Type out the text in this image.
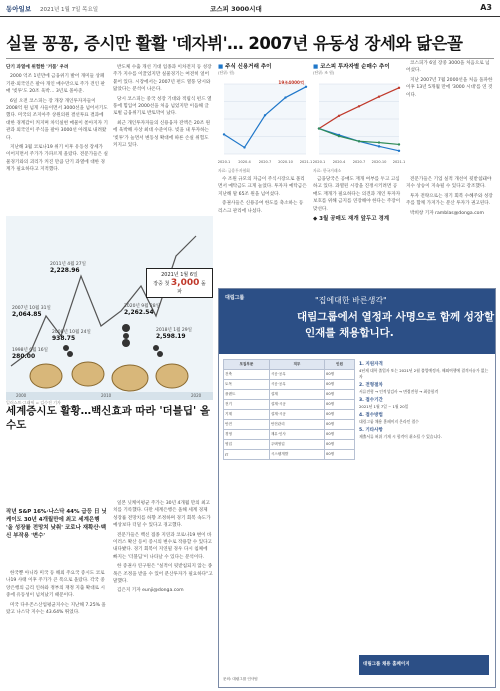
동아일보 2021년 1월 7일 목요일	코스피 3000시대	A3
실물 꽁꽁, 증시만 활활 '데자뷔'… 2007년 유동성 장세와 닮은꼴
단기 과열에 위험한 '거품' 우려

2000 억조 1년만에 금융위기 발어 개미들 상폐 기관·외국인은 팔아 개인 매수만으로 주가 견인 판매 '빚투'도 20조 육박… 3년로 몰아준.

6일 오전 코스피는 장 개장 개인투자자들이 2008억 원 넘게 사들이면서 3000선을 넘어서기도 했다. 미국의 조지아주 상원의원 결선투표 결과에 대한 경계감이 커지며 차익실현 매물이 쏟아지자 기관과 외국인이 주식을 팔아 3000선 아래로 내려왔다.

지난해 3월 코로나19 위기 이후 유동성 장세가 이어지면서 주가가 가파르게 올랐다. 전문가들은 실물경기와의 괴리가 커진 만큼 단기 과열에 대한 경계가 필요하다고 지적했다.

반도체 수출 개선 기대 업종과 이차전지 등 성장주가 지수를 이끌었지만 실물경기는 여전히 얼어붙어 있다. 시장에서는 2007년 펀드 열풍 당시와 닮았다는 분석이 나온다.

당시 코스피는 중국 성장 기대와 적립식 펀드 열풍에 힘입어 2000선을 처음 넘었지만 이듬해 글로벌 금융위기로 반토막이 났다.

최근 개인투자자들의 신용융자 잔액은 20조 원에 육박해 사상 최대 수준이다. 빚을 내 투자하는 '빚투'가 늘면서 변동성 확대에 따른 손실 위험도 커지고 있다.

■ 주식 신용거래 추이
(단위: 원)
2020.1 2020.4 2020.7 2020.10 2021.1
19조4000억
자료: 금융투자협회
■ 코스피 투자자별 순매수 추이
(단위: 조 원)
2020.1 2020.4 2020.7 2020.10 2021.1
자료: 한국거래소

코스피가 6일 장중 3000을 처음으로 넘어섰다.

지난 2007년 7월 2000선을 처음 돌파한 이후 13년 5개월 만에 '3000 시대'를 연 것이다.

수 조원 규모의 자금이 주식시장으로 몰리면서 예탁금도 크게 늘었다. 투자자 예탁금은 지난해 말 65조 원을 넘어섰다.

증권사들은 신용공여 한도를 축소하는 등 리스크 관리에 나섰다.

금융당국은 공매도 재개 여부를 두고 고심하고 있다. 과열된 시장을 진정시키려면 공매도 재개가 필요하다는 의견과 개인 투자자 보호를 위해 금지를 연장해야 한다는 주장이 맞선다.

◆ 3월 공매도 재개 앞두고 경계

전문가들은 기업 실적 개선이 뒷받침돼야 지수 상승이 지속될 수 있다고 강조했다.

투자 전략으로는 경기 회복 수혜주와 성장주를 함께 가져가는 분산 투자가 권고된다.

박희창 기자 ramblas@donga.com

2021년 1월 6일
장중 첫 3,000 돌파
2020년 9월 28일
2,262.54
2011년 4월 27일
2,228.96
2007년 10월 31일
2,064.85
2018년 1월 29일
2,598.19
2008년 10월 24일
938.75
1998년 6월 16일
280.00
2000	2010	2020
일러스트·그래픽 = 김수진 기자
세계증시도 활황…백신효과 따라 '더블딥' 올수도
작년 S&P 16%·나스닥 44% 급등 日 닛케이도 30년 4개월만에 최고 세계은행 '올 성장률 전망치 낮춰' 코로나 재확산·백신 부작용 '변수'

한국뿐 아니라 미국 등 해외 주요국 증시도 코로나19 사태 이후 주가가 큰 폭으로 올랐다. 각국 중앙은행의 금리 인하와 정부의 재정 지출 확대로 시중에 유동성이 넘쳐났기 때문이다.

미국 다우존스산업평균지수는 지난해 7.25% 올랐고 나스닥 지수는 43.64% 뛰었다.

일본 닛케이평균 주가는 30년 4개월 만의 최고치를 기록했다. 다만 세계은행은 올해 세계 경제 성장률 전망치를 하향 조정하며 경기 회복 속도가 예상보다 더딜 수 있다고 경고했다.

전문가들은 백신 접종 지연과 코로나19 변이 바이러스 확산 등이 증시의 변수로 작용할 수 있다고 내다봤다. 경기 회복이 지연될 경우 다시 침체에 빠지는 '더블딥'이 나타날 수 있다는 분석이다.

한 증권사 연구원은 "실적이 뒷받침되지 않는 종목은 조정을 받을 수 있어 분산투자가 필요하다"고 말했다.

김은지 기자 eunji@donga.com

대림그룹	"집에대한 바른생각"
대림그룹에서 열정과 사명으로 함께 성장할
인재를 채용합니다.
모집부문	직무	인원
건축	시공·공무	00명
토목	시공·공무	00명
플랜트	설계	00명
전기	설계·시공	00명
기계	설계·시공	00명
안전	안전관리	00명
경영	재무·인사	00명
영업	주택영업	00명
IT	시스템개발	00명
1. 지원자격
4년제 대학 졸업자 또는 2021년 2월 졸업예정자, 해외여행에 결격사유가 없는 자
2. 전형절차
서류전형 → 인적성검사 → 면접전형 → 최종합격
3. 접수기간
2021년 1월 7일 ~ 1월 20일
4. 접수방법
대림그룹 채용 홈페이지 온라인 접수
5. 기타사항
제출서류 허위 기재 시 합격이 취소될 수 있습니다.
대림그룹 채용 홈페이지
문의: 대림그룹 인사팀
